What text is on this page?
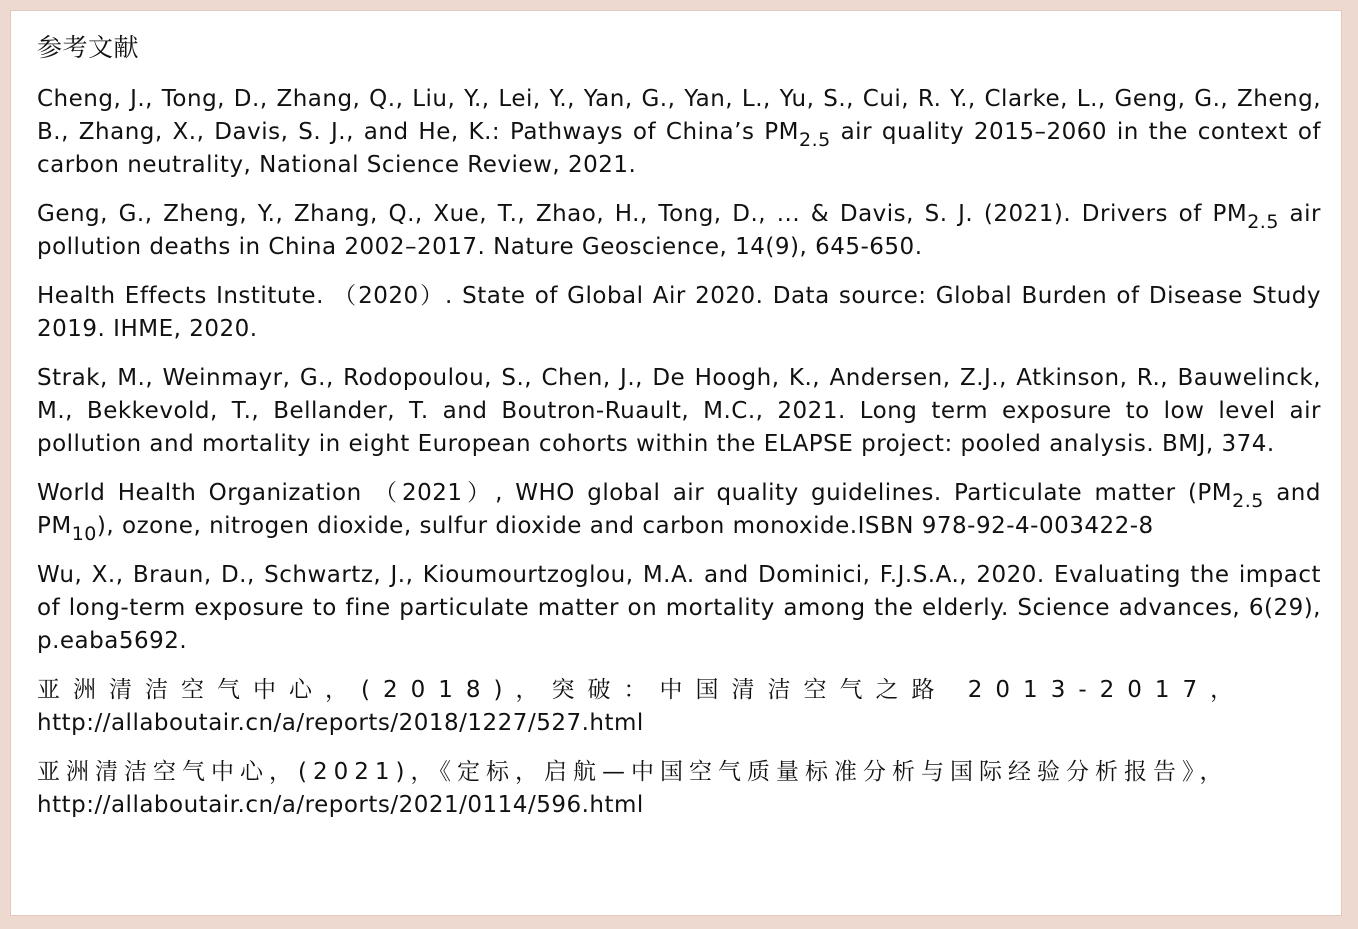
参考文献

Cheng, J., Tong, D., Zhang, Q., Liu, Y., Lei, Y., Yan, G., Yan, L., Yu, S., Cui, R. Y., Clarke, L., Geng, G., Zheng, B., Zhang, X., Davis, S. J., and He, K.: Pathways of China’s $PM_{2.5}$ air quality 2015–2060 in the context of carbon neutrality, National Science Review, 2021.

Geng, G., Zheng, Y., Zhang, Q., Xue, T., Zhao, H., Tong, D., ... & Davis, S. J. (2021). Drivers of $PM_{2.5}$ air pollution deaths in China 2002–2017. Nature Geoscience, 14(9), 645-650.

Health Effects Institute. （2020）. State of Global Air 2020. Data source: Global Burden of Disease Study 2019. IHME, 2020.

Strak, M., Weinmayr, G., Rodopoulou, S., Chen, J., De Hoogh, K., Andersen, Z.J., Atkinson, R., Bauwelinck, M., Bekkevold, T., Bellander, T. and Boutron-Ruault, M.C., 2021. Long term exposure to low level air pollution and mortality in eight European cohorts within the ELAPSE project: pooled analysis. BMJ, 374.

World Health Organization （2021）, WHO global air quality guidelines. Particulate matter ($PM_{2.5}$ and $PM_{10}$), ozone, nitrogen dioxide, sulfur dioxide and carbon monoxide.ISBN 978-92-4-003422-8

Wu, X., Braun, D., Schwartz, J., Kioumourtzoglou, M.A. and Dominici, F.J.S.A., 2020. Evaluating the impact of long-term exposure to fine particulate matter on mortality among the elderly. Science advances, 6(29), p.eaba5692.

亚洲清洁空气中心，(2018)，突破：中国清洁空气之路 2013-2017，
http://allaboutair.cn/a/reports/2018/1227/527.html

亚洲清洁空气中心，(2021)，《定标，启航—中国空气质量标准分析与国际经验分析报告》，
http://allaboutair.cn/a/reports/2021/0114/596.html
